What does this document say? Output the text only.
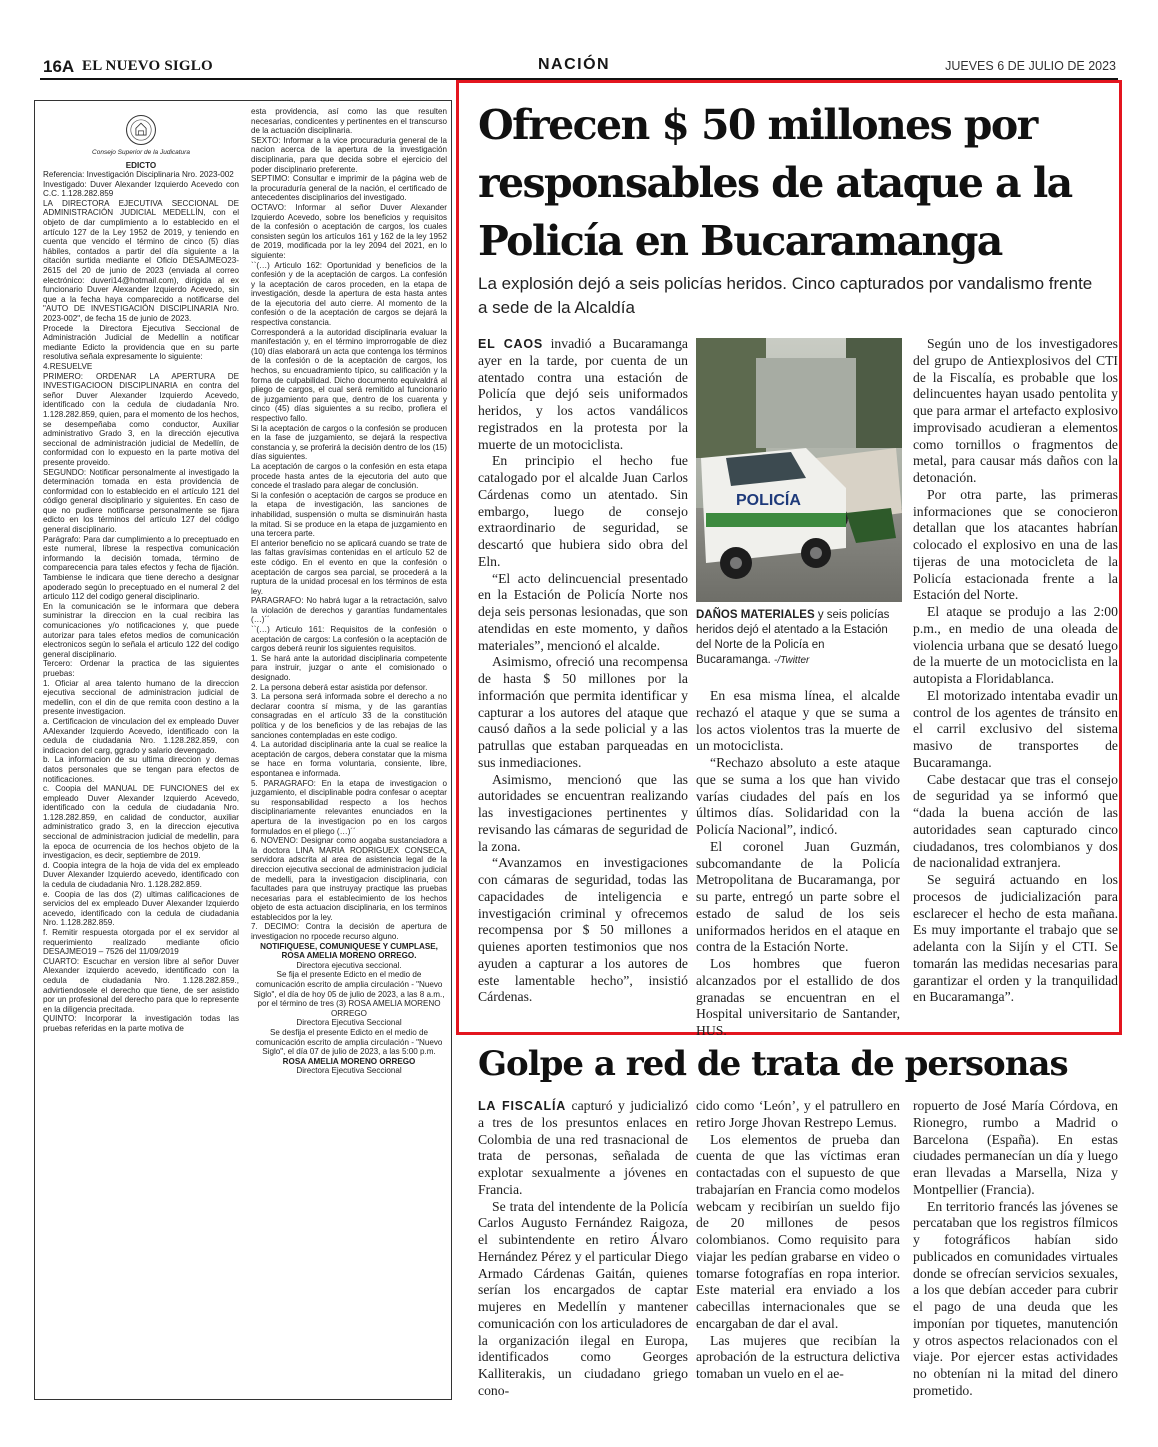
16A EL NUEVO SIGLO	NACIÓN	JUEVES 6 DE JULIO DE 2023
Consejo Superior de la Judicatura
EDICTO

Referencia: Investigación Disciplinaria Nro. 2023-002

Investigado: Duver Alexander Izquierdo Acevedo con C.C. 1.128.282.859

LA DIRECTORA EJECUTIVA SECCIONAL DE ADMINISTRACIÓN JUDICIAL MEDELLÍN, con el objeto de dar cumplimiento a lo establecido en el artículo 127 de la Ley 1952 de 2019, y teniendo en cuenta que vencido el término de cinco (5) días hábiles, contados a partir del día siguiente a la citación surtida mediante el Oficio DESAJMEO23-2615 del 20 de junio de 2023 (enviada al correo electrónico: duveri14@hotmail.com), dirigida al ex funcionario Duver Alexander Izquierdo Acevedo, sin que a la fecha haya comparecido a notificarse del "AUTO DE INVESTIGACIÓN DISCIPLINARIA Nro. 2023-002", de fecha 15 de junio de 2023.

Procede la Directora Ejecutiva Seccional de Administración Judicial de Medellín a notificar mediante Edicto la providencia que en su parte resolutiva señala expresamente lo siguiente:

4.RESUELVE

PRIMERO: ORDENAR LA APERTURA DE INVESTIGACIOON DISCIPLINARIA en contra del señor Duver Alexander Izquierdo Acevedo, identificado con la cedula de ciudadanía Nro. 1.128.282.859, quien, para el momento de los hechos, se desempeñaba como conductor, Auxiliar administrativo Grado 3, en la dirección ejecutiva seccional de administración judicial de Medellín, de conformidad con lo expuesto en la parte motiva del presente proveido.

SEGUNDO: Notificar personalmente al investigado la determinación tomada en esta providencia de conformidad con lo establecido en el artículo 121 del código general disciplinario y siguientes. En caso de que no pudiere notificarse personalmente se fijara edicto en los términos del artículo 127 del código general disciplinario.

Parágrafo: Para dar cumplimiento a lo preceptuado en este numeral, líbrese la respectiva comunicación informando la decisión tomada, término de comparecencia para tales efectos y fecha de fijación. Tambiense le indicara que tiene derecho a designar apoderado según lo preceptuado en el numeral 2 del articulo 112 del codigo general disciplinario.

En la comunicación se le informara que debera suministrar la direccion en la cual recibira las comunicaciones y/o notificaciones y, que puede autorizar para tales efetos medios de comunicación electronicos según lo señala el articulo 122 del codigo general disciplinario.

Tercero: Ordenar la practica de las siguientes pruebas:

1. Oficiar al area talento humano de la direccion ejecutiva seccional de administracion judicial de medellin, con el din de que remita coon destino a la presente investigacion.

a. Certificacion de vinculacion del ex empleado Duver AAlexander Izquierdo Acevedo, identificado con la cedula de ciudadania Nro. 1.128.282.859, con indicacion del carg, ggrado y salario devengado.

b. La informacion de su ultima direccion y demas datos personales que se tengan para efectos de notificaciones.

c. Coopia del MANUAL DE FUNCIONES del ex empleado Duver Alexander Izquierdo Acevedo, identificado con la cedula de ciudadania Nro. 1.128.282.859, en calidad de conductor, auxiliar administratico grado 3, en la direccion ejecutiva seccional de administracion judicial de medellin, para la epoca de ocurrencia de los hechos objeto de la investigacion, es decir, septiembre de 2019.

d. Coopia integra de la hoja de vida del ex empleado Duver Alexander Izquierdo acevedo, identificado con la cedula de ciudadania Nro. 1.128.282.859.

e. Coopia de las dos (2) ultimas calificaciones de servicios del ex empleado Duver Alexander Izquierdo acevedo, identificado con la cedula de ciudadania Nro. 1.128.282.859.

f. Remitir respuesta otorgada por el ex servidor al requerimiento realizado mediante oficio DESAJMEO19 – 7526 del 11/09/2019

CUARTO: Escuchar en version libre al señor Duver Alexander izquierdo acevedo, identificado con la cedula de ciudadania Nro. 1.128.282.859., advirtiendosele el derecho que tiene, de ser asistido por un profesional del derecho para que lo represente en la diligencia precitada.

QUINTO: Incorporar la investigación todas las pruebas referidas en la parte motiva de

esta providencia, así como las que resulten necesarias, condicentes y pertinentes en el transcurso de la actuación disciplinaria.

SEXTO: Informar a la vice procuraduria general de la nacion acerca de la apertura de la investigación disciplinaria, para que decida sobre el ejercicio del poder disciplinario preferente.

SEPTIMO: Consultar e imprimir de la página web de la procuraduría general de la nación, el certificado de antecedentes disciplinarios del investigado.

OCTAVO: Informar al señor Duver Alexander Izquierdo Acevedo, sobre los beneficios y requisitos de la confesión o aceptación de cargos, los cuales consisten según los artículos 161 y 162 de la ley 1952 de 2019, modificada por la ley 2094 del 2021, en lo siguiente:

``(…) Articulo 162: Oportunidad y beneficios de la confesión y de la aceptación de cargos. La confesión y la aceptación de caros proceden, en la etapa de investigación, desde la apertura de esta hasta antes de la ejecutoria del auto cierre. Al momento de la confesión o de la aceptación de cargos se dejará la respectiva constancia.

Corresponderá a la autoridad disciplinaria evaluar la manifestación y, en el término improrrogable de diez (10) días elaborará un acta que contenga los términos de la confesión o de la aceptación de cargos, los hechos, su encuadramiento típico, su calificación y la forma de culpabilidad. Dicho documento equivaldrá al pliego de cargos, el cual será remitido al funcionario de juzgamiento para que, dentro de los cuarenta y cinco (45) días siguientes a su recibo, profiera el respectivo fallo.

Si la aceptación de cargos o la confesión se producen en la fase de juzgamiento, se dejará la respectiva constancia y, se proferirá la decisión dentro de los (15) días siguientes.

La aceptación de cargos o la confesión en esta etapa procede hasta antes de la ejecutoria del auto que concede el traslado para alegar de conclusión.

Si la confesión o aceptación de cargos se produce en la etapa de investigación, las sanciones de inhabilidad, suspensión o multa se disminuirán hasta la mitad. Si se produce en la etapa de juzgamiento en una tercera parte.

El anterior beneficio no se aplicará cuando se trate de las faltas gravísimas contenidas en el artículo 52 de este código. En el evento en que la confesión o aceptación de cargos sea parcial, se procederá a la ruptura de la unidad procesal en los términos de esta ley.

PARAGRAFO: No habrá lugar a la retractación, salvo la violación de derechos y garantías fundamentales (…)´´

``(…) Articulo 161: Requisitos de la confesión o aceptación de cargos: La confesión o la aceptación de cargos deberá reunir los siguientes requisitos.

1. Se hará ante la autoridad disciplinaria competente para instruir, juzgar o ante el comisionado o designado.

2. La persona deberá estar asistida por defensor.

3. La persona será informada sobre el derecho a no declarar coontra sí misma, y de las garantías consagradas en el artículo 33 de la constitución política y de los beneficios y de las rebajas de las sanciones contempladas en este codigo.

4. La autoridad disciplinaria ante la cual se realice la aceptación de cargos, debera constatar que la misma se hace en forma voluntaria, consiente, libre, espontanea e informada.

5. PARAGRAFO: En la etapa de investigacion o juzgamiento, el disciplinable podra confesar o aceptar su responsabilidad respecto a los hechos disciplinariamente relevantes enunciados en la apertura de la investigacion po en los cargos formulados en el pliego (…)´´

6. NOVENO: Designar como aogaba sustanciadora a la doctora LINA MARIA RODRIGUEX CONSECA, servidora adscrita al area de asistencia legal de la direccion ejecutiva seccional de administracion judicial de medelli, para la investigacion disciplinaria, con facultades para que instruyay practique las pruebas necesarias para el establecimiento de los hechos objeto de esta actuacion disciplinaria, en los terminos establecidos por la ley.

7. DECIMO: Contra la decisión de apertura de investigacion no rpocede recurso alguno.

NOTIFIQUESE, COMUNIQUESE Y CUMPLASE,
ROSA AMELIA MORENO ORREGO.
Directora ejecutiva seccional.
Se fija el presente Edicto en el medio de comunicación escrito de amplia circulación - "Nuevo Siglo", el día de hoy 05 de julio de 2023, a las 8 a.m., por el término de tres (3) ROSA AMELIA MORENO ORREGO
Directora Ejecutiva Seccional
Se desfija el presente Edicto en el medio de comunicación escrito de amplia circulación - "Nuevo Siglo", el día 07 de julio de 2023, a las 5:00 p.m.
ROSA AMELIA MORENO ORREGO
Directora Ejecutiva Seccional
Ofrecen $ 50 millones por responsables de ataque a la Policía en Bucaramanga
La explosión dejó a seis policías heridos. Cinco capturados por vandalismo frente a sede de la Alcaldía

EL CAOS invadió a Bucaramanga ayer en la tarde, por cuenta de un atentado contra una estación de Policía que dejó seis uniformados heridos, y los actos vandálicos registrados en la protesta por la muerte de un motociclista.

En principio el hecho fue catalogado por el alcalde Juan Carlos Cárdenas como un atentado. Sin embargo, luego de consejo extraordinario de seguridad, se descartó que hubiera sido obra del Eln.

“El acto delincuencial presentado en la Estación de Policía Norte nos deja seis personas lesionadas, que son atendidas en este momento, y daños materiales”, mencionó el alcalde.

Asimismo, ofreció una recompensa de hasta $ 50 millones por la información que permita identificar y capturar a los autores del ataque que causó daños a la sede policial y a las patrullas que estaban parqueadas en sus inmediaciones.

Asimismo, mencionó que las autoridades se encuentran realizando las investigaciones pertinentes y revisando las cámaras de seguridad de la zona.

“Avanzamos en investigaciones con cámaras de seguridad, todas las capacidades de inteligencia e investigación criminal y ofrecemos recompensa por $ 50 millones a quienes aporten testimonios que nos ayuden a capturar a los autores de este lamentable hecho”, insistió Cárdenas.

POLICÍA
DAÑOS MATERIALES y seis policías heridos dejó el atentado a la Estación del Norte de la Policía en Bucaramanga. -/Twitter

En esa misma línea, el alcalde rechazó el ataque y que se suma a los actos violentos tras la muerte de un motociclista.

“Rechazo absoluto a este ataque que se suma a los que han vivido varías ciudades del país en los últimos días. Solidaridad con la Policía Nacional”, indicó.

El coronel Juan Guzmán, subcomandante de la Policía Metropolitana de Bucaramanga, por su parte, entregó un parte sobre el estado de salud de los seis uniformados heridos en el ataque en contra de la Estación Norte.

Los hombres que fueron alcanzados por el estallido de dos granadas se encuentran en el Hospital universitario de Santander, HUS.

Según uno de los investigadores del grupo de Antiexplosivos del CTI de la Fiscalía, es probable que los delincuentes hayan usado pentolita y que para armar el artefacto explosivo improvisado acudieran a elementos como tornillos o fragmentos de metal, para causar más daños con la detonación.

Por otra parte, las primeras informaciones que se conocieron detallan que los atacantes habrían colocado el explosivo en una de las tijeras de una motocicleta de la Policía estacionada frente a la Estación del Norte.

El ataque se produjo a las 2:00 p.m., en medio de una oleada de violencia urbana que se desató luego de la muerte de un motociclista en la autopista a Floridablanca.

El motorizado intentaba evadir un control de los agentes de tránsito en el carril exclusivo del sistema masivo de transportes de Bucaramanga.

Cabe destacar que tras el consejo de seguridad ya se informó que “dada la buena acción de las autoridades sean capturado cinco ciudadanos, tres colombianos y dos de nacionalidad extranjera.

Se seguirá actuando en los procesos de judicialización para esclarecer el hecho de esta mañana. Es muy importante el trabajo que se adelanta con la Sijín y el CTI. Se tomarán las medidas necesarias para garantizar el orden y la tranquilidad en Bucaramanga”.

Golpe a red de trata de personas

LA FISCALÍA capturó y judicializó a tres de los presuntos enlaces en Colombia de una red trasnacional de trata de personas, señalada de explotar sexualmente a jóvenes en Francia.

Se trata del intendente de la Policía Carlos Augusto Fernández Raigoza, el subintendente en retiro Álvaro Hernández Pérez y el particular Diego Armado Cárdenas Gaitán, quienes serían los encargados de captar mujeres en Medellín y mantener comunicación con los articuladores de la organización ilegal en Europa, identificados como Georges Kalliterakis, un ciudadano griego cono-

cido como ‘León’, y el patrullero en retiro Jorge Jhovan Restrepo Lemus.

Los elementos de prueba dan cuenta de que las víctimas eran contactadas con el supuesto de que trabajarían en Francia como modelos webcam y recibirían un sueldo fijo de 20 millones de pesos colombianos. Como requisito para viajar les pedían grabarse en video o tomarse fotografías en ropa interior. Este material era enviado a los cabecillas internacionales que se encargaban de dar el aval.

Las mujeres que recibían la aprobación de la estructura delictiva tomaban un vuelo en el ae-

ropuerto de José María Córdova, en Rionegro, rumbo a Madrid o Barcelona (España). En estas ciudades permanecían un día y luego eran llevadas a Marsella, Niza y Montpellier (Francia).

En territorio francés las jóvenes se percataban que los registros fílmicos y fotográficos habían sido publicados en comunidades virtuales donde se ofrecían servicios sexuales, a los que debían acceder para cubrir el pago de una deuda que les imponían por tiquetes, manutención y otros aspectos relacionados con el viaje. Por ejercer estas actividades no obtenían ni la mitad del dinero prometido.
